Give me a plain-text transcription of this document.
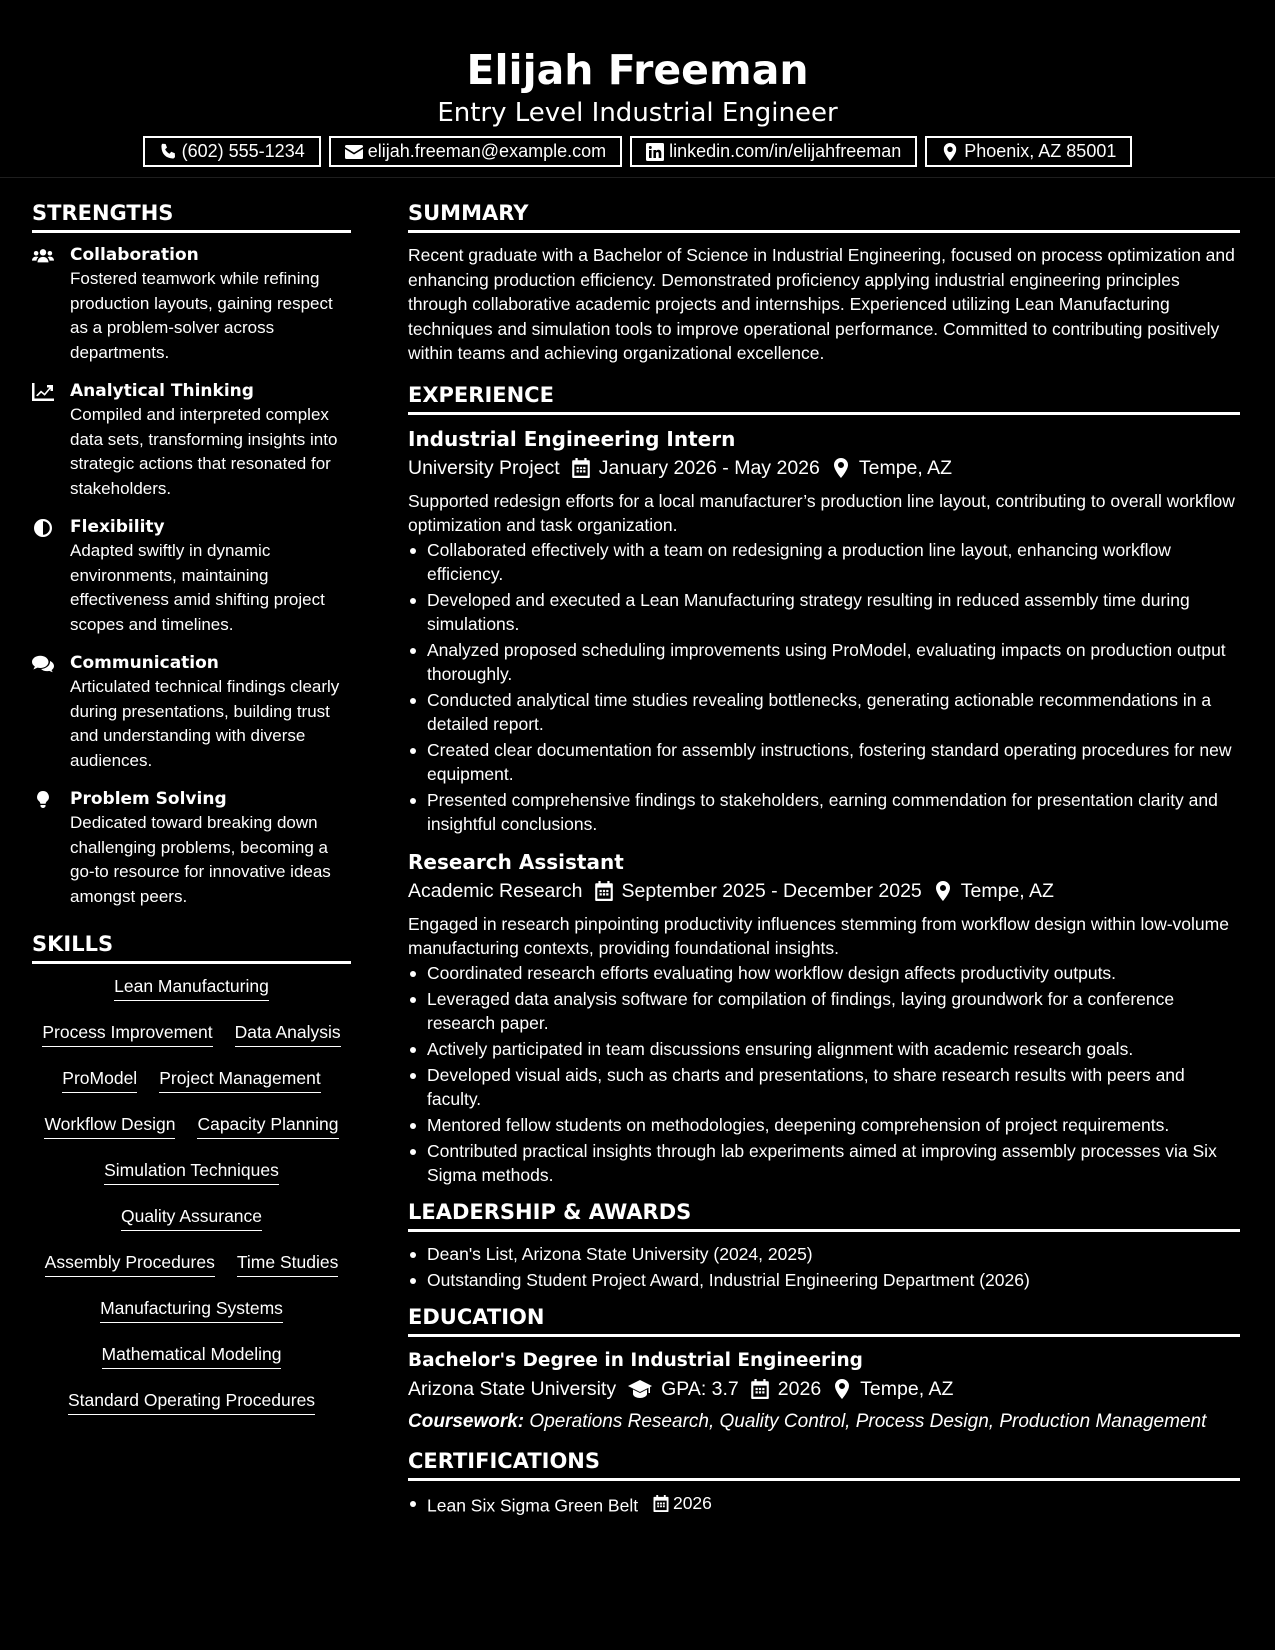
Elijah Freeman
Entry Level Industrial Engineer
(602) 555-1234	elijah.freeman@example.com	linkedin.com/in/elijahfreeman	Phoenix, AZ 85001
STRENGTHS
Collaboration
Fostered teamwork while refining production layouts, gaining respect as a problem-solver across departments.
Analytical Thinking
Compiled and interpreted complex data sets, transforming insights into strategic actions that resonated for stakeholders.
Flexibility
Adapted swiftly in dynamic environments, maintaining effectiveness amid shifting project scopes and timelines.
Communication
Articulated technical findings clearly during presentations, building trust and understanding with diverse audiences.
Problem Solving
Dedicated toward breaking down challenging problems, becoming a go-to resource for innovative ideas amongst peers.
SKILLS
Lean Manufacturing
Process Improvement Data Analysis
ProModel Project Management
Workflow Design Capacity Planning
Simulation Techniques
Quality Assurance
Assembly Procedures Time Studies
Manufacturing Systems
Mathematical Modeling
Standard Operating Procedures
SUMMARY
Recent graduate with a Bachelor of Science in Industrial Engineering, focused on process optimization and enhancing production efficiency. Demonstrated proficiency applying industrial engineering principles through collaborative academic projects and internships. Experienced utilizing Lean Manufacturing techniques and simulation tools to improve operational performance. Committed to contributing positively within teams and achieving organizational excellence.
EXPERIENCE
Industrial Engineering Intern
University Project January 2026 - May 2026 Tempe, AZ
Supported redesign efforts for a local manufacturer’s production line layout, contributing to overall workflow optimization and task organization.
Collaborated effectively with a team on redesigning a production line layout, enhancing workflow efficiency.
Developed and executed a Lean Manufacturing strategy resulting in reduced assembly time during simulations.
Analyzed proposed scheduling improvements using ProModel, evaluating impacts on production output thoroughly.
Conducted analytical time studies revealing bottlenecks, generating actionable recommendations in a detailed report.
Created clear documentation for assembly instructions, fostering standard operating procedures for new equipment.
Presented comprehensive findings to stakeholders, earning commendation for presentation clarity and insightful conclusions.
Research Assistant
Academic Research September 2025 - December 2025 Tempe, AZ
Engaged in research pinpointing productivity influences stemming from workflow design within low-volume manufacturing contexts, providing foundational insights.
Coordinated research efforts evaluating how workflow design affects productivity outputs.
Leveraged data analysis software for compilation of findings, laying groundwork for a conference research paper.
Actively participated in team discussions ensuring alignment with academic research goals.
Developed visual aids, such as charts and presentations, to share research results with peers and faculty.
Mentored fellow students on methodologies, deepening comprehension of project requirements.
Contributed practical insights through lab experiments aimed at improving assembly processes via Six Sigma methods.
LEADERSHIP & AWARDS
Dean's List, Arizona State University (2024, 2025)
Outstanding Student Project Award, Industrial Engineering Department (2026)
EDUCATION
Bachelor's Degree in Industrial Engineering
Arizona State University GPA: 3.7 2026 Tempe, AZ
Coursework: Operations Research, Quality Control, Process Design, Production Management
CERTIFICATIONS
Lean Six Sigma Green Belt 2026
